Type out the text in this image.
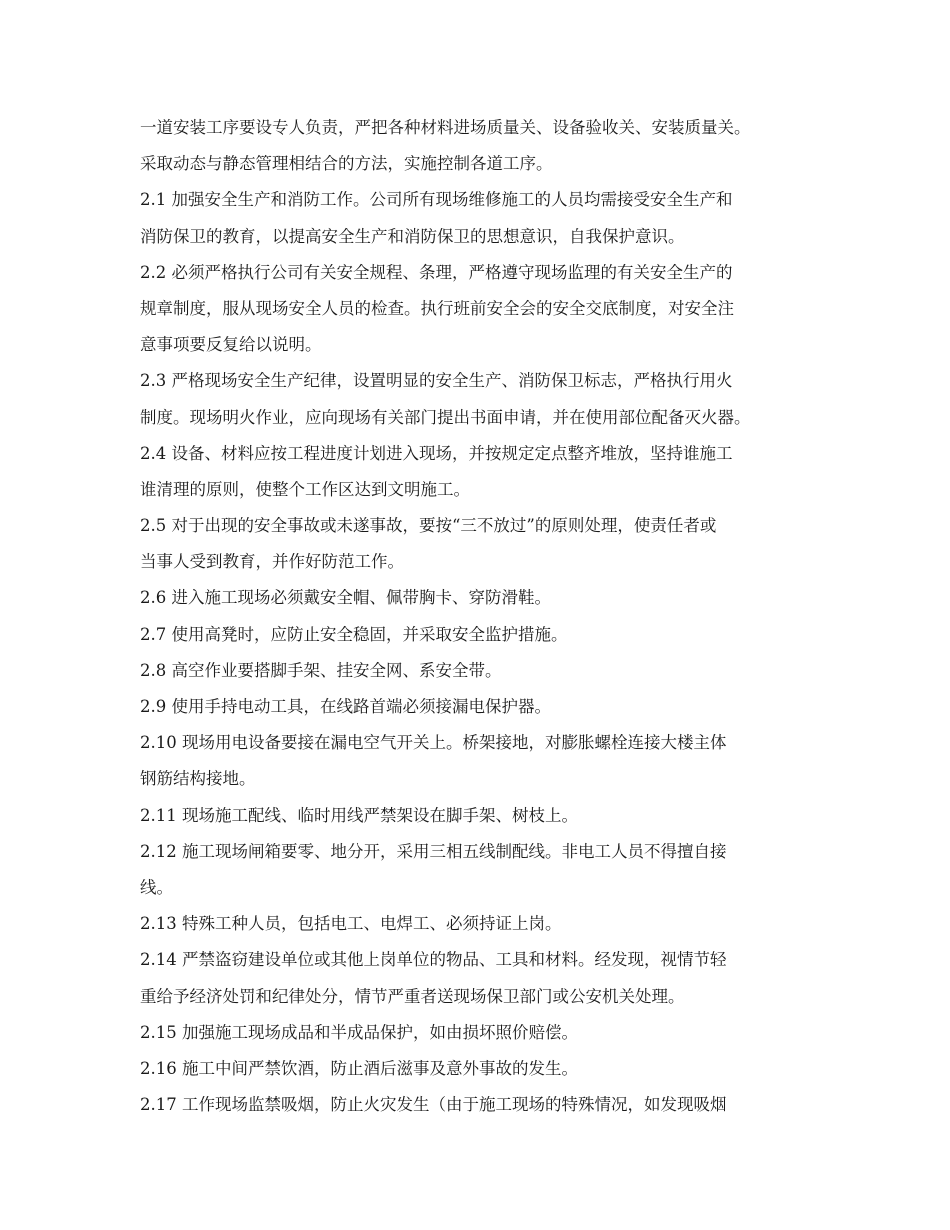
一道安装工序要设专人负责，严把各种材料进场质量关、设备验收关、安装质量关。
采取动态与静态管理相结合的方法，实施控制各道工序。
2.1 加强安全生产和消防工作。公司所有现场维修施工的人员均需接受安全生产和
消防保卫的教育，以提高安全生产和消防保卫的思想意识，自我保护意识。
2.2 必须严格执行公司有关安全规程、条理，严格遵守现场监理的有关安全生产的
规章制度，服从现场安全人员的检查。执行班前安全会的安全交底制度，对安全注
意事项要反复给以说明。
2.3 严格现场安全生产纪律，设置明显的安全生产、消防保卫标志，严格执行用火
制度。现场明火作业，应向现场有关部门提出书面申请，并在使用部位配备灭火器。
2.4 设备、材料应按工程进度计划进入现场，并按规定定点整齐堆放，坚持谁施工
谁清理的原则，使整个工作区达到文明施工。
2.5 对于出现的安全事故或未遂事故，要按“三不放过”的原则处理，使责任者或
当事人受到教育，并作好防范工作。
2.6 进入施工现场必须戴安全帽、佩带胸卡、穿防滑鞋。
2.7 使用高凳时，应防止安全稳固，并采取安全监护措施。
2.8 高空作业要搭脚手架、挂安全网、系安全带。
2.9 使用手持电动工具，在线路首端必须接漏电保护器。
2.10 现场用电设备要接在漏电空气开关上。桥架接地，对膨胀螺栓连接大楼主体
钢筋结构接地。
2.11 现场施工配线、临时用线严禁架设在脚手架、树枝上。
2.12 施工现场闸箱要零、地分开，采用三相五线制配线。非电工人员不得擅自接
线。
2.13 特殊工种人员，包括电工、电焊工、必须持证上岗。
2.14 严禁盗窃建设单位或其他上岗单位的物品、工具和材料。经发现，视情节轻
重给予经济处罚和纪律处分，情节严重者送现场保卫部门或公安机关处理。
2.15 加强施工现场成品和半成品保护，如由损坏照价赔偿。
2.16 施工中间严禁饮酒，防止酒后滋事及意外事故的发生。
2.17 工作现场监禁吸烟，防止火灾发生（由于施工现场的特殊情况，如发现吸烟
